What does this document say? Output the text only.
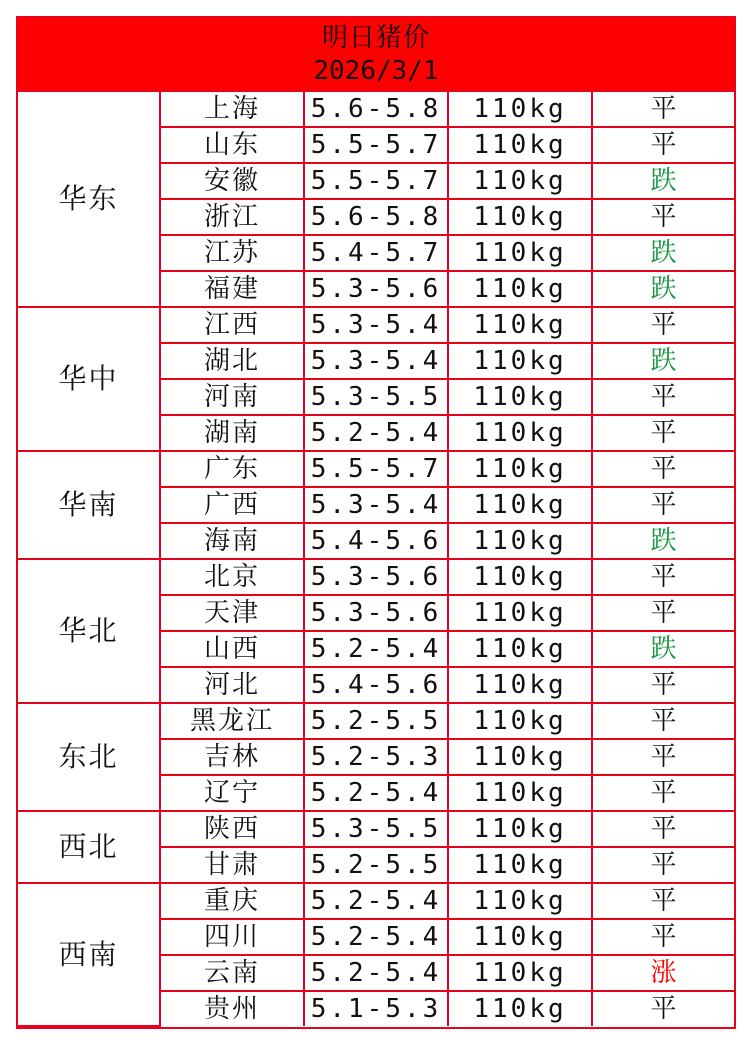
明日猪价
2026/3/1
华东	上海	5.6-5.8	110kg	平
	山东	5.5-5.7	110kg	平
	安徽	5.5-5.7	110kg	跌
	浙江	5.6-5.8	110kg	平
	江苏	5.4-5.7	110kg	跌
	福建	5.3-5.6	110kg	跌
华中	江西	5.3-5.4	110kg	平
	湖北	5.3-5.4	110kg	跌
	河南	5.3-5.5	110kg	平
	湖南	5.2-5.4	110kg	平
华南	广东	5.5-5.7	110kg	平
	广西	5.3-5.4	110kg	平
	海南	5.4-5.6	110kg	跌
华北	北京	5.3-5.6	110kg	平
	天津	5.3-5.6	110kg	平
	山西	5.2-5.4	110kg	跌
	河北	5.4-5.6	110kg	平
东北	黑龙江	5.2-5.5	110kg	平
	吉林	5.2-5.3	110kg	平
	辽宁	5.2-5.4	110kg	平
西北	陕西	5.3-5.5	110kg	平
	甘肃	5.2-5.5	110kg	平
西南	重庆	5.2-5.4	110kg	平
	四川	5.2-5.4	110kg	平
	云南	5.2-5.4	110kg	涨
	贵州	5.1-5.3	110kg	平
